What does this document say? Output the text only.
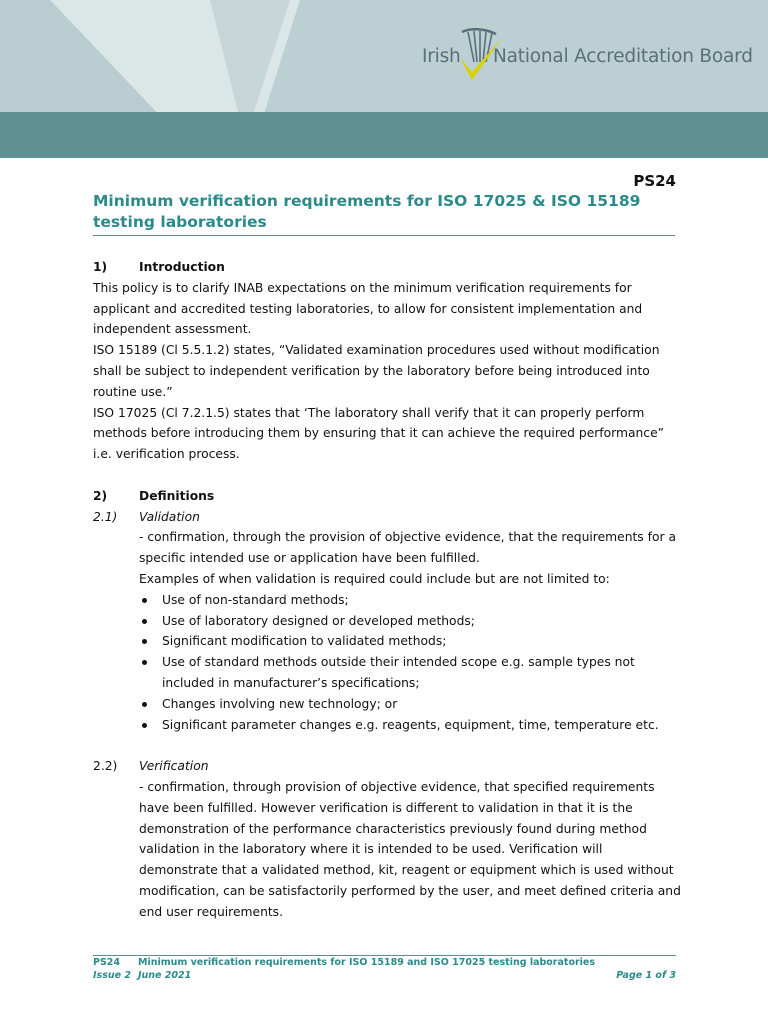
Irish National Accreditation Board
PS24
Minimum verification requirements for ISO 17025 & ISO 15189 testing laboratories
1)	Introduction

This policy is to clarify INAB expectations on the minimum verification requirements for applicant and accredited testing laboratories, to allow for consistent implementation and independent assessment.

ISO 15189 (Cl 5.5.1.2) states, “Validated examination procedures used without modification shall be subject to independent verification by the laboratory before being introduced into routine use.”

ISO 17025 (Cl 7.2.1.5) states that ‘The laboratory shall verify that it can properly perform methods before introducing them by ensuring that it can achieve the required performance” i.e. verification process.

2)	Definitions
2.1)	Validation

- confirmation, through the provision of objective evidence, that the requirements for a specific intended use or application have been fulfilled.

Examples of when validation is required could include but are not limited to:

Use of non-standard methods;
Use of laboratory designed or developed methods;
Significant modification to validated methods;
Use of standard methods outside their intended scope e.g. sample types not included in manufacturer’s specifications;
Changes involving new technology; or
Significant parameter changes e.g. reagents, equipment, time, temperature etc.
2.2)	Verification

- confirmation, through provision of objective evidence, that specified requirements have been fulfilled. However verification is different to validation in that it is the demonstration of the performance characteristics previously found during method validation in the laboratory where it is intended to be used. Verification will demonstrate that a validated method, kit, reagent or equipment which is used without modification, can be satisfactorily performed by the user, and meet defined criteria and end user requirements.

PS24	Minimum verification requirements for ISO 15189 and ISO 17025 testing laboratories
Issue 2 June 2021	Page 1 of 3
